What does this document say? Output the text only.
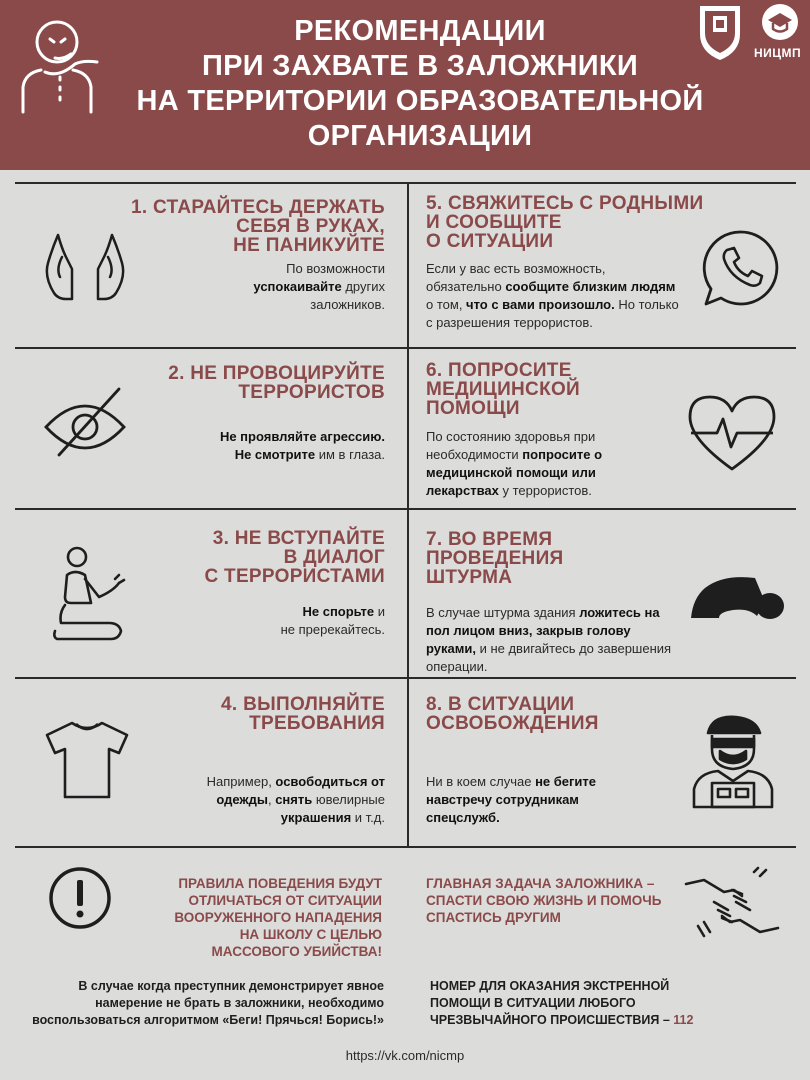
РЕКОМЕНДАЦИИ
ПРИ ЗАХВАТЕ В ЗАЛОЖНИКИ
НА ТЕРРИТОРИИ ОБРАЗОВАТЕЛЬНОЙ
ОРГАНИЗАЦИИ
НИЦМП
1. СТАРАЙТЕСЬ ДЕРЖАТЬ
СЕБЯ В РУКАХ,
НЕ ПАНИКУЙТЕ
По возможности успокаивайте других заложников.
2. НЕ ПРОВОЦИРУЙТЕ
ТЕРРОРИСТОВ
Не проявляйте агрессию.
Не смотрите им в глаза.
3. НЕ ВСТУПАЙТЕ
В ДИАЛОГ
С ТЕРРОРИСТАМИ
Не спорьте и
не пререкайтесь.
4. ВЫПОЛНЯЙТЕ
ТРЕБОВАНИЯ
Например, освободиться от одежды, снять ювелирные украшения и т.д.
5. СВЯЖИТЕСЬ С РОДНЫМИ
И СООБЩИТЕ
О СИТУАЦИИ
Если у вас есть возможность, обязательно сообщите близким людям о том, что с вами произошло. Но только с разрешения террористов.
6. ПОПРОСИТЕ
МЕДИЦИНСКОЙ
ПОМОЩИ
По состоянию здоровья при необходимости попросите о медицинской помощи или лекарствах у террористов.
7. ВО ВРЕМЯ
ПРОВЕДЕНИЯ
ШТУРМА
В случае штурма здания ложитесь на пол лицом вниз, закрыв голову руками, и не двигайтесь до завершения операции.
8. В СИТУАЦИИ
ОСВОБОЖДЕНИЯ
Ни в коем случае не бегите навстречу сотрудникам спецслужб.
ПРАВИЛА ПОВЕДЕНИЯ БУДУТ ОТЛИЧАТЬСЯ ОТ СИТУАЦИИ ВООРУЖЕННОГО НАПАДЕНИЯ НА ШКОЛУ С ЦЕЛЬЮ МАССОВОГО УБИЙСТВА!
ГЛАВНАЯ ЗАДАЧА ЗАЛОЖНИКА – СПАСТИ СВОЮ ЖИЗНЬ И ПОМОЧЬ СПАСТИСЬ ДРУГИМ
В случае когда преступник демонстрирует явное намерение не брать в заложники, необходимо воспользоваться алгоритмом «Беги! Прячься! Борись!»
НОМЕР ДЛЯ ОКАЗАНИЯ ЭКСТРЕННОЙ ПОМОЩИ В СИТУАЦИИ ЛЮБОГО ЧРЕЗВЫЧАЙНОГО ПРОИСШЕСТВИЯ – 112
https://vk.com/nicmp
